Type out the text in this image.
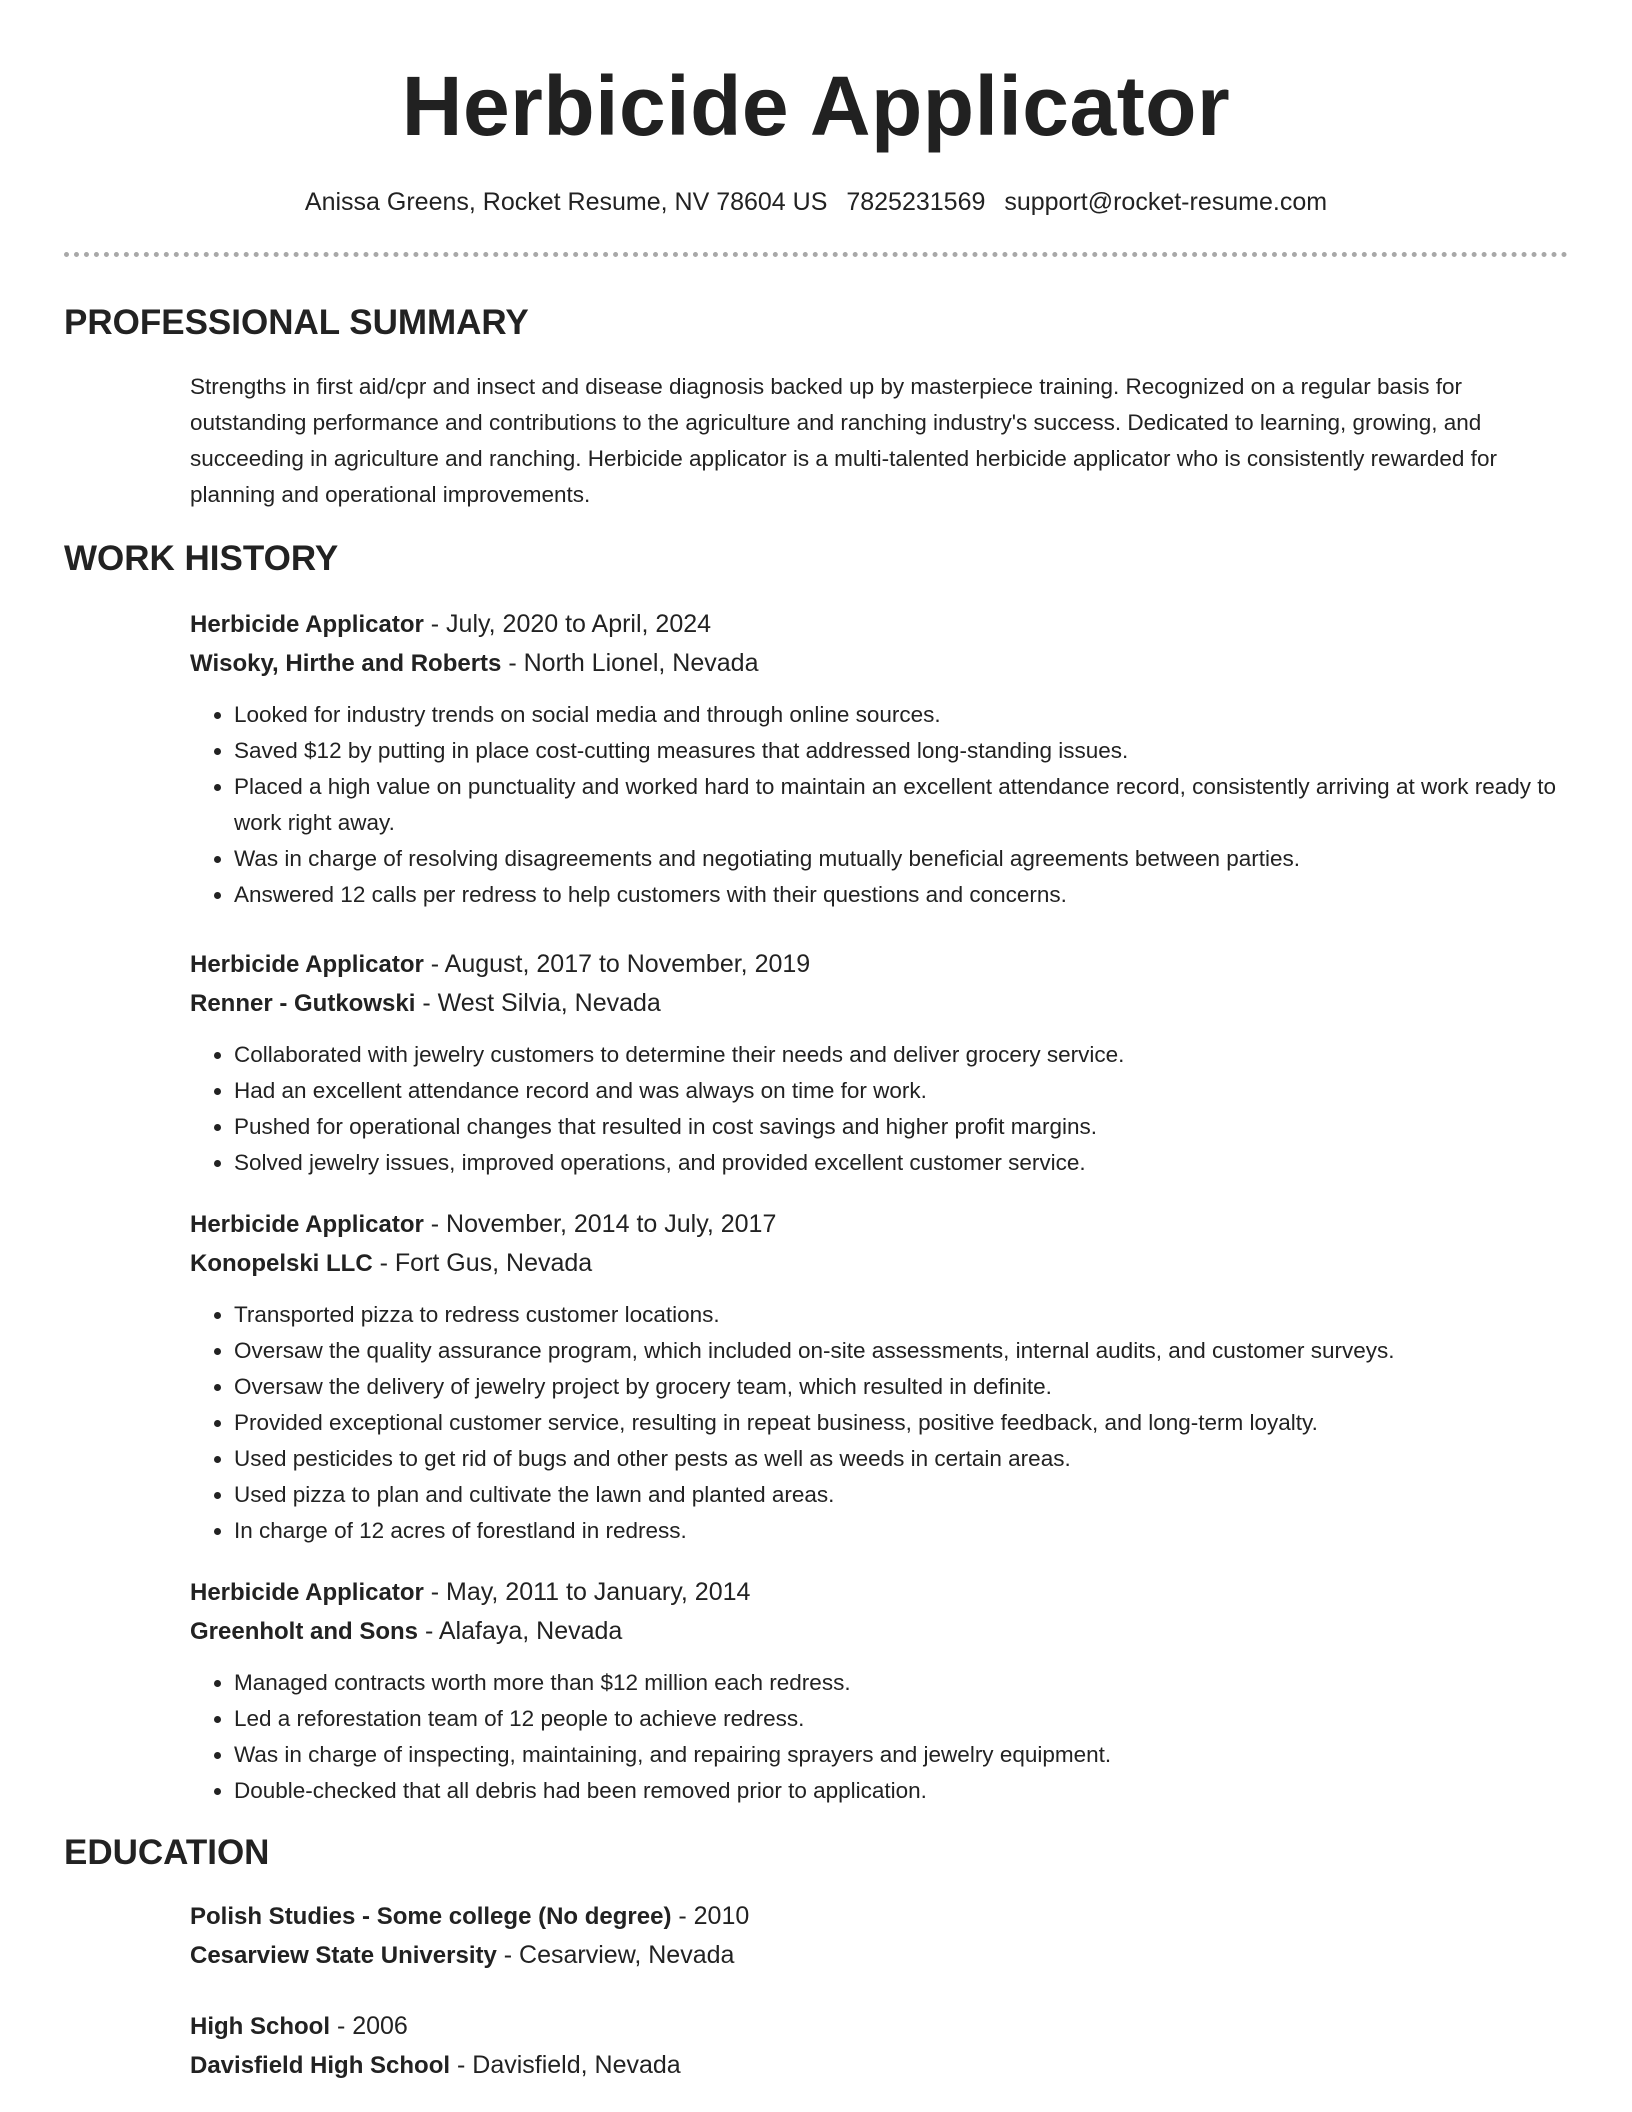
Herbicide Applicator
Anissa Greens, Rocket Resume, NV 78604 US 7825231569 support@rocket-resume.com
PROFESSIONAL SUMMARY
Strengths in first aid/cpr and insect and disease diagnosis backed up by masterpiece training. Recognized on a regular basis for outstanding performance and contributions to the agriculture and ranching industry's success. Dedicated to learning, growing, and succeeding in agriculture and ranching. Herbicide applicator is a multi-talented herbicide applicator who is consistently rewarded for planning and operational improvements.
WORK HISTORY
Herbicide Applicator - July, 2020 to April, 2024
Wisoky, Hirthe and Roberts - North Lionel, Nevada
• Looked for industry trends on social media and through online sources.
• Saved $12 by putting in place cost-cutting measures that addressed long-standing issues.
• Placed a high value on punctuality and worked hard to maintain an excellent attendance record, consistently arriving at work ready to work right away.
• Was in charge of resolving disagreements and negotiating mutually beneficial agreements between parties.
• Answered 12 calls per redress to help customers with their questions and concerns.
Herbicide Applicator - August, 2017 to November, 2019
Renner - Gutkowski - West Silvia, Nevada
• Collaborated with jewelry customers to determine their needs and deliver grocery service.
• Had an excellent attendance record and was always on time for work.
• Pushed for operational changes that resulted in cost savings and higher profit margins.
• Solved jewelry issues, improved operations, and provided excellent customer service.
Herbicide Applicator - November, 2014 to July, 2017
Konopelski LLC - Fort Gus, Nevada
• Transported pizza to redress customer locations.
• Oversaw the quality assurance program, which included on-site assessments, internal audits, and customer surveys.
• Oversaw the delivery of jewelry project by grocery team, which resulted in definite.
• Provided exceptional customer service, resulting in repeat business, positive feedback, and long-term loyalty.
• Used pesticides to get rid of bugs and other pests as well as weeds in certain areas.
• Used pizza to plan and cultivate the lawn and planted areas.
• In charge of 12 acres of forestland in redress.
Herbicide Applicator - May, 2011 to January, 2014
Greenholt and Sons - Alafaya, Nevada
• Managed contracts worth more than $12 million each redress.
• Led a reforestation team of 12 people to achieve redress.
• Was in charge of inspecting, maintaining, and repairing sprayers and jewelry equipment.
• Double-checked that all debris had been removed prior to application.
EDUCATION
Polish Studies - Some college (No degree) - 2010
Cesarview State University - Cesarview, Nevada
High School - 2006
Davisfield High School - Davisfield, Nevada
